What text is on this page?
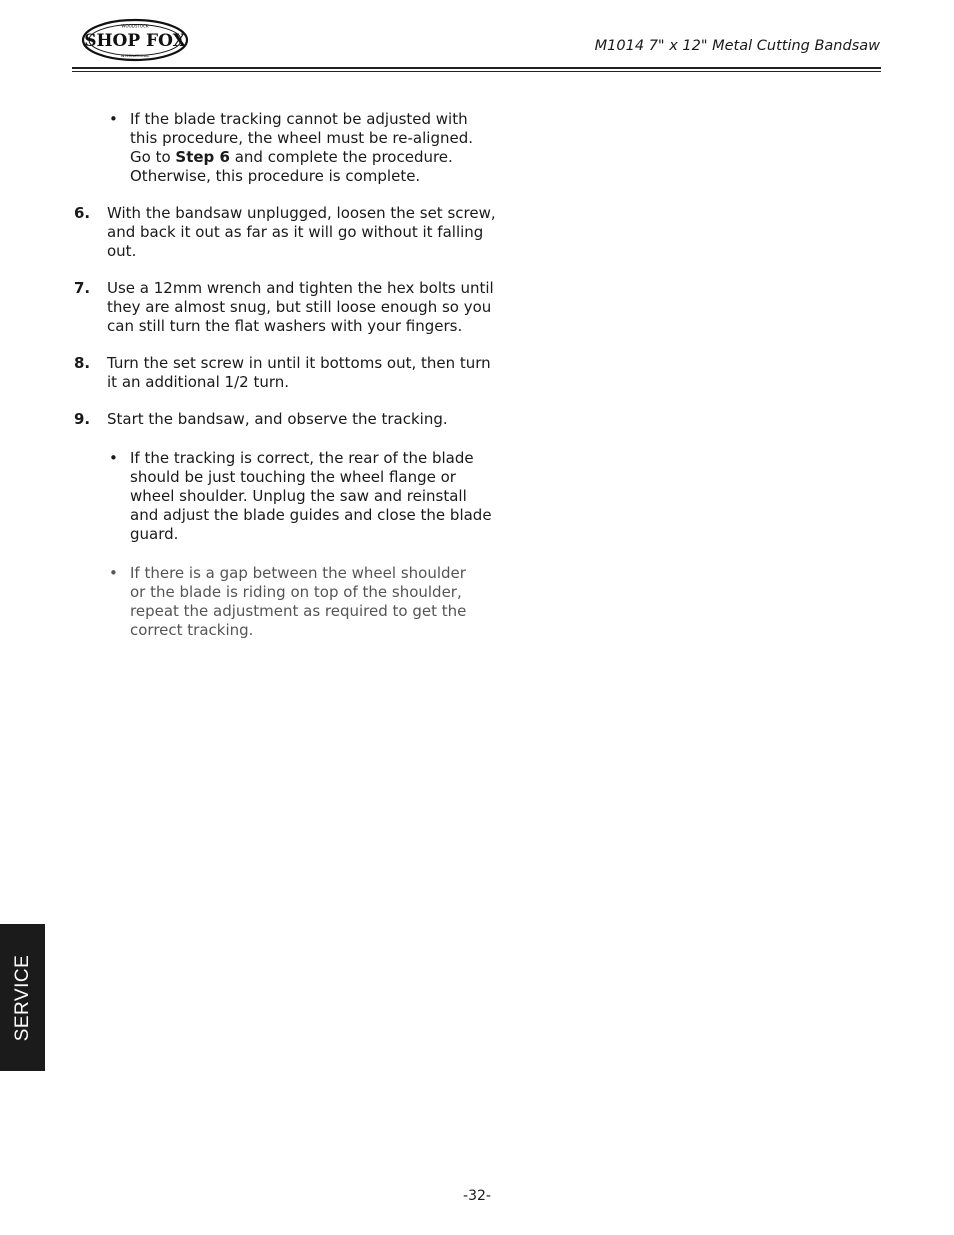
SHOP FOX
WOODSTOCK
INTERNATIONAL
M1014 7" x 12" Metal Cutting Bandsaw
• If the blade tracking cannot be adjusted with
this procedure, the wheel must be re-aligned.
Go to Step 6 and complete the procedure.
Otherwise, this procedure is complete.
6. With the bandsaw unplugged, loosen the set screw,
and back it out as far as it will go without it falling
out.
7. Use a 12mm wrench and tighten the hex bolts until
they are almost snug, but still loose enough so you
can still turn the flat washers with your fingers.
8. Turn the set screw in until it bottoms out, then turn
it an additional 1/2 turn.
9. Start the bandsaw, and observe the tracking.
• If the tracking is correct, the rear of the blade
should be just touching the wheel flange or
wheel shoulder. Unplug the saw and reinstall
and adjust the blade guides and close the blade
guard.
• If there is a gap between the wheel shoulder
or the blade is riding on top of the shoulder,
repeat the adjustment as required to get the
correct tracking.
SERVICE
-32-
